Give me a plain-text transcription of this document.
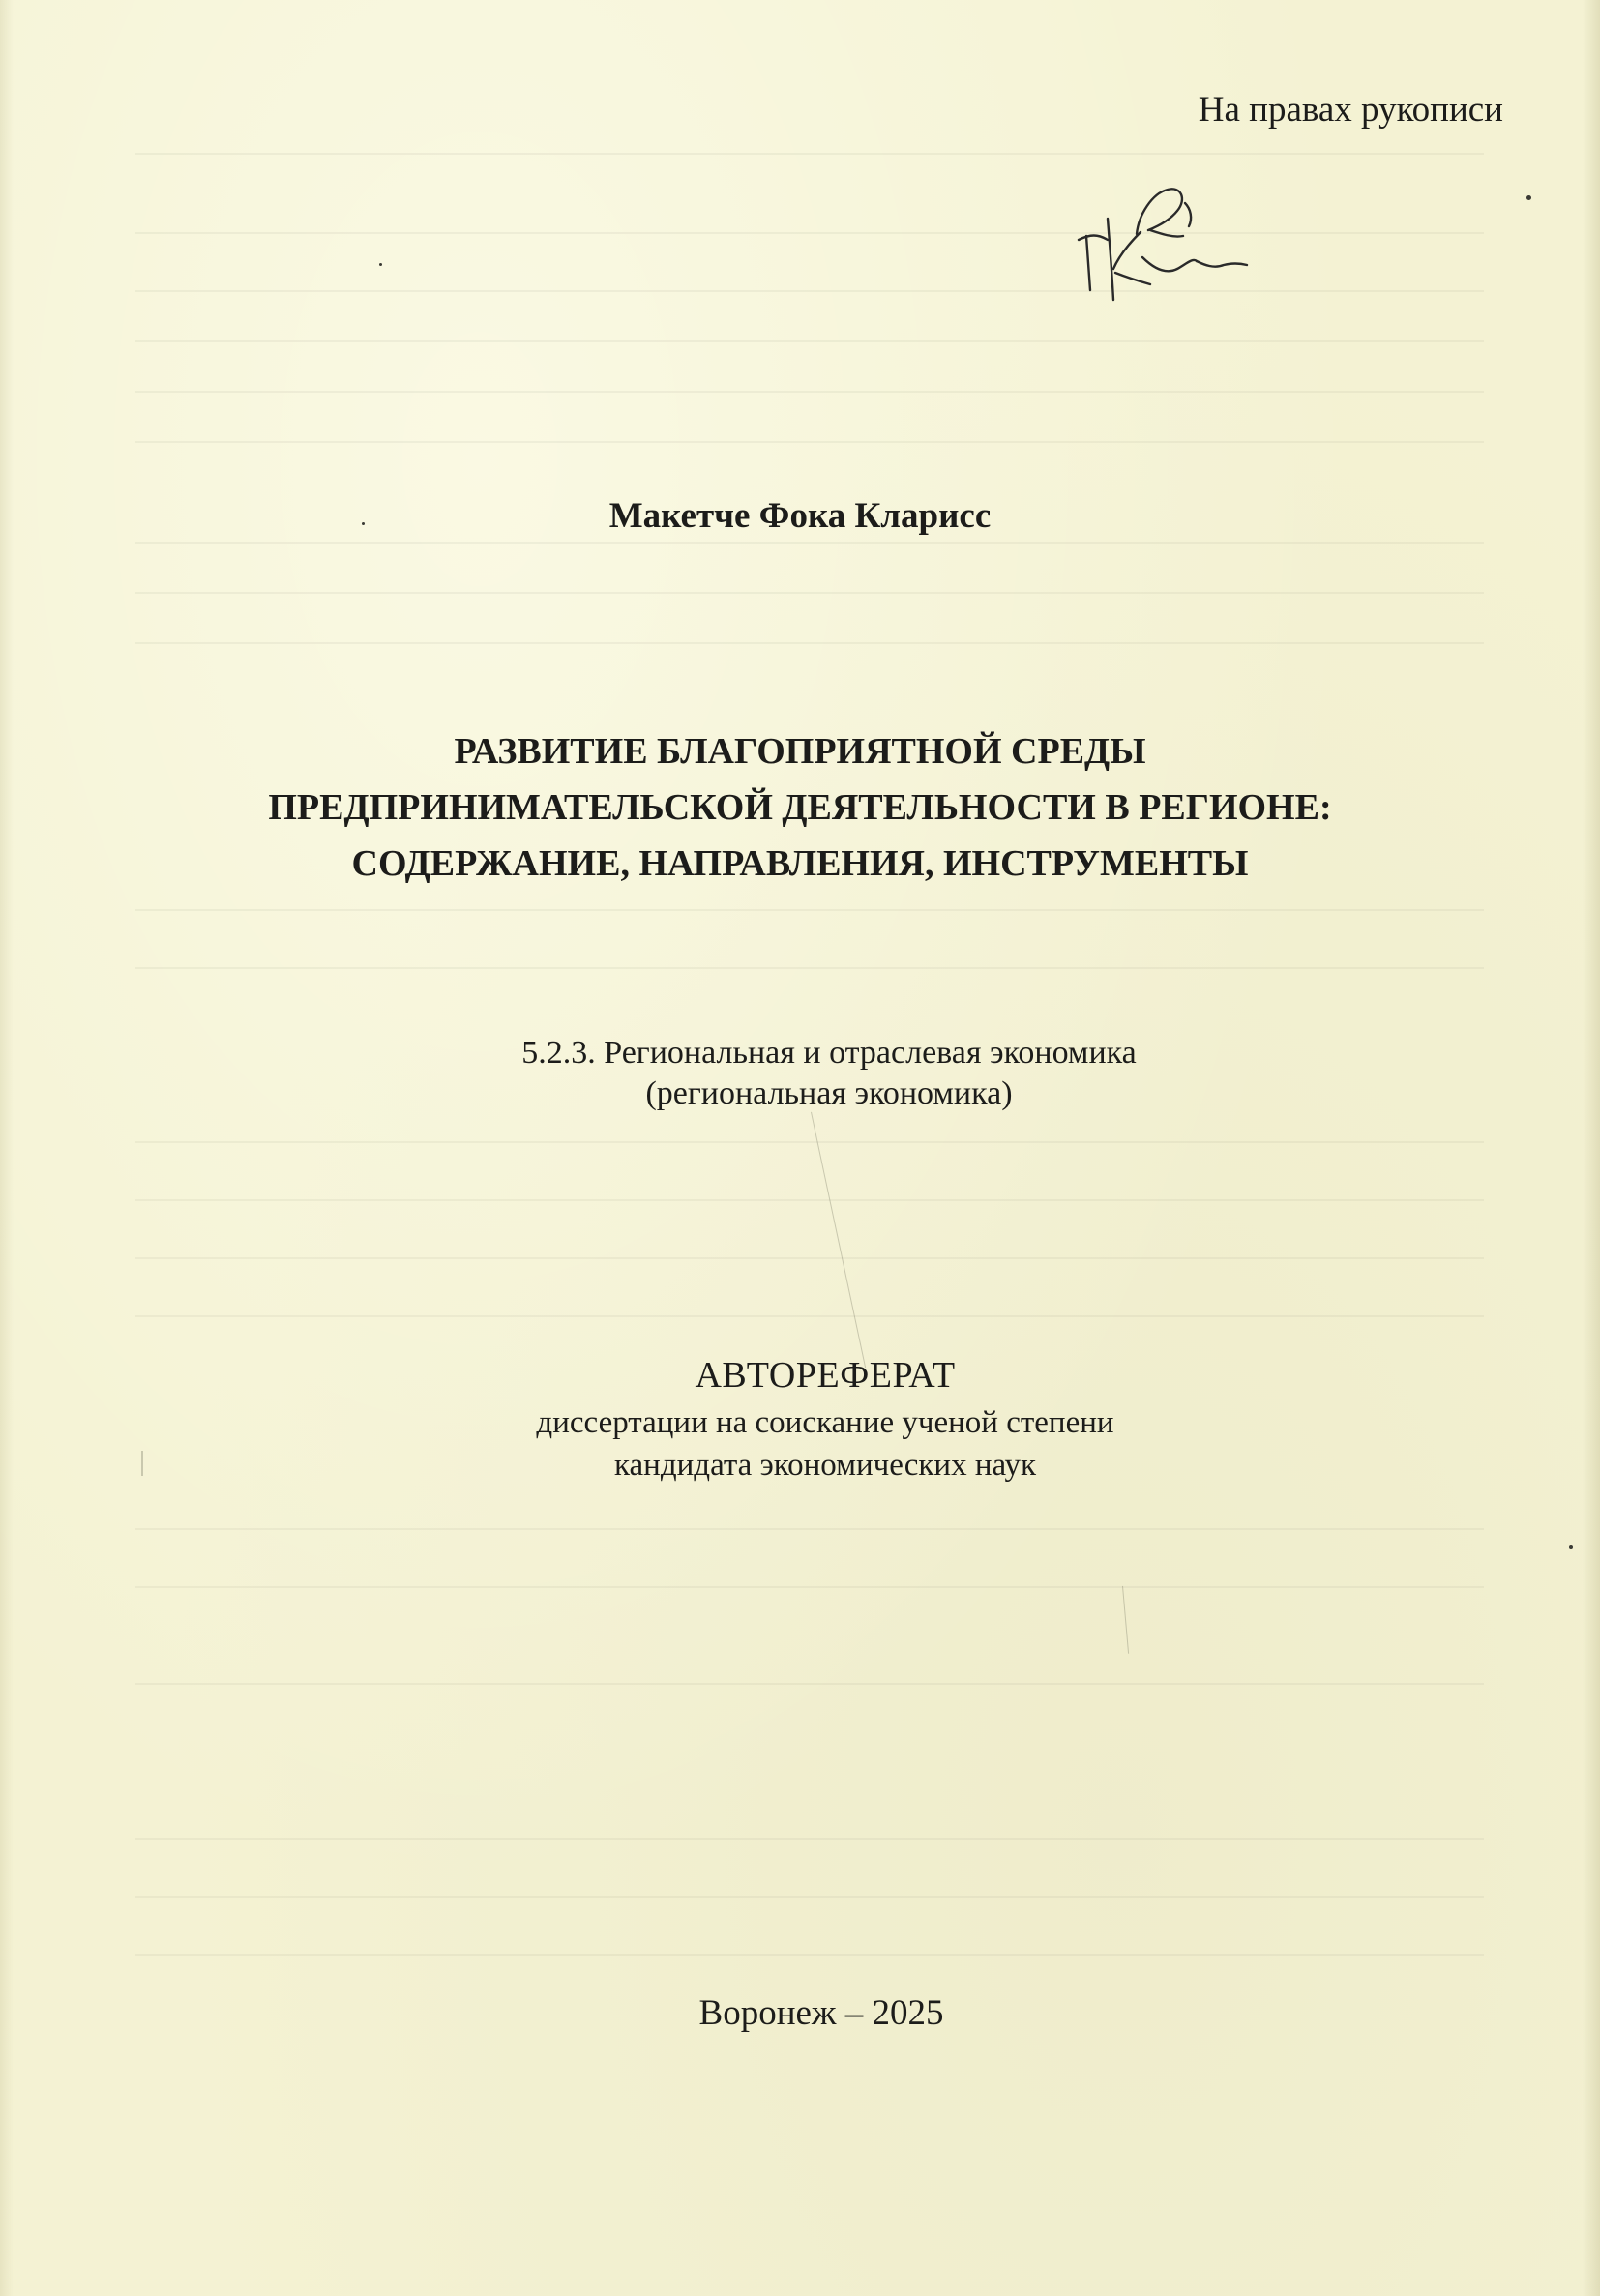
На правах рукописи
Макетче Фока Кларисс
РАЗВИТИЕ БЛАГОПРИЯТНОЙ СРЕДЫ
ПРЕДПРИНИМАТЕЛЬСКОЙ ДЕЯТЕЛЬНОСТИ В РЕГИОНЕ:
СОДЕРЖАНИЕ, НАПРАВЛЕНИЯ, ИНСТРУМЕНТЫ
5.2.3. Региональная и отраслевая экономика
(региональная экономика)
АВТОРЕФЕРАТ
диссертации на соискание ученой степени
кандидата экономических наук
Воронеж – 2025
